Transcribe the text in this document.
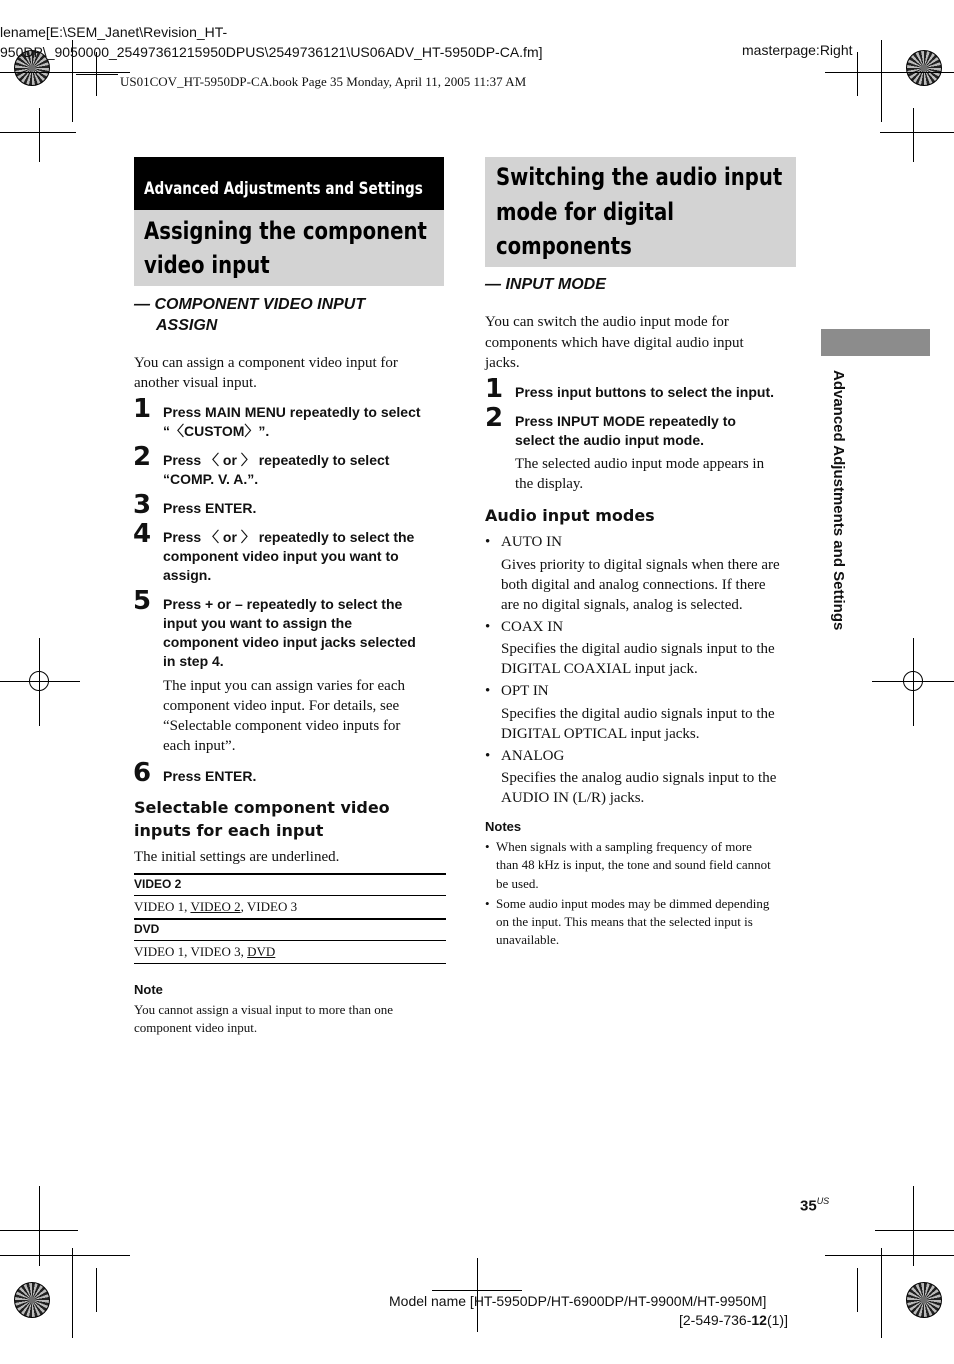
lename[E:\SEM_Janet\Revision_HT-
950DP\_9050000_25497361215950DPUS\2549736121\US06ADV_HT-5950DP-CA.fm]	masterpage:Right
US01COV_HT-5950DP-CA.book Page 35 Monday, April 11, 2005 11:37 AM
Advanced Adjustments and Settings
Assigning the component
video input
— COMPONENT VIDEO INPUT
ASSIGN
You can assign a component video input for
another visual input.
1 Press MAIN MENU repeatedly to select
“〈CUSTOM〉”.
2 Press 〈 or 〉 repeatedly to select
“COMP. V. A.”.
3 Press ENTER.
4 Press 〈 or 〉 repeatedly to select the
component video input you want to
assign.
5 Press + or – repeatedly to select the
input you want to assign the
component video input jacks selected
in step 4.
The input you can assign varies for each
component video input. For details, see
“Selectable component video inputs for
each input”.
6 Press ENTER.
Selectable component video
inputs for each input
The initial settings are underlined.
VIDEO 2
VIDEO 1, VIDEO 2, VIDEO 3
DVD
VIDEO 1, VIDEO 3, DVD
Note
You cannot assign a visual input to more than one
component video input.
Switching the audio input
mode for digital
components
— INPUT MODE
You can switch the audio input mode for
components which have digital audio input
jacks.
1 Press input buttons to select the input.
2 Press INPUT MODE repeatedly to
select the audio input mode.
The selected audio input mode appears in
the display.
Audio input modes
• AUTO IN
Gives priority to digital signals when there are
both digital and analog connections. If there
are no digital signals, analog is selected.
• COAX IN
Specifies the digital audio signals input to the
DIGITAL COAXIAL input jack.
• OPT IN
Specifies the digital audio signals input to the
DIGITAL OPTICAL input jacks.
• ANALOG
Specifies the analog audio signals input to the
AUDIO IN (L/R) jacks.
Notes
• When signals with a sampling frequency of more
than 48 kHz is input, the tone and sound field cannot
be used.
• Some audio input modes may be dimmed depending
on the input. This means that the selected input is
unavailable.
Advanced Adjustments and Settings
$35^{US}$
Model name [HT-5950DP/HT-6900DP/HT-9900M/HT-9950M]
[2-549-736-12(1)]
